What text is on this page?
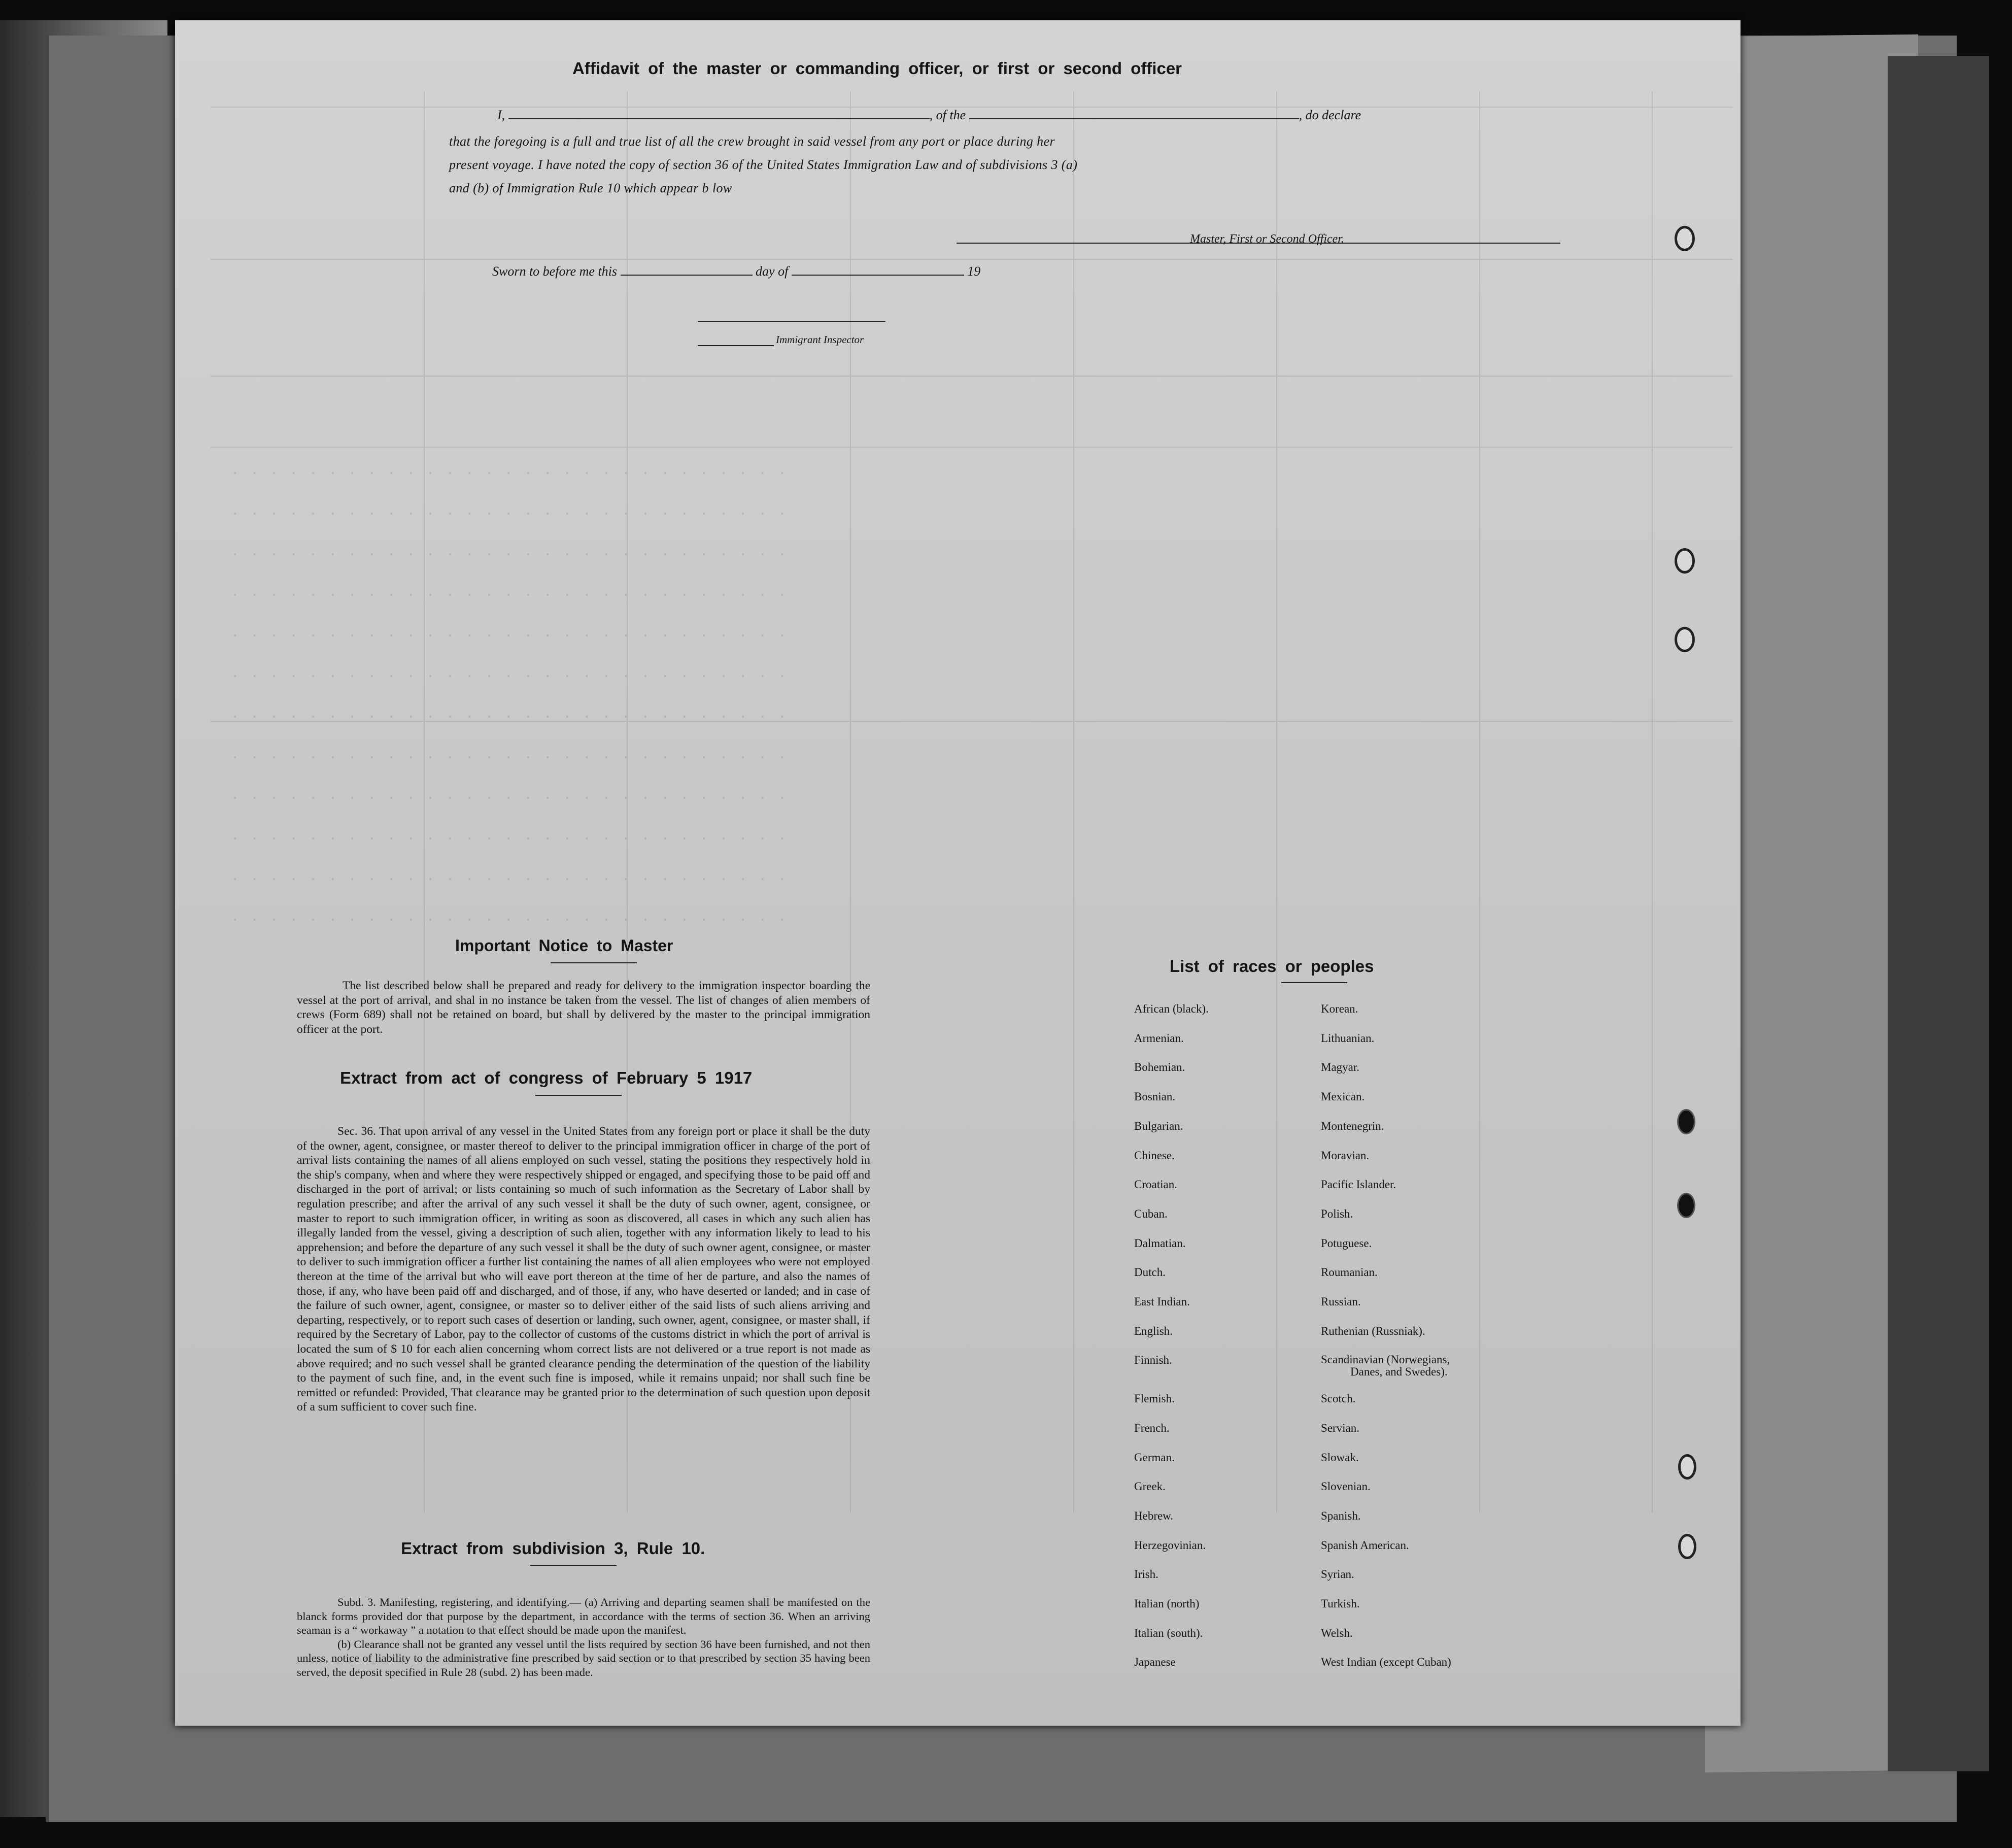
. . . . . . . . . . . . . . . . . . . . . . . . . . . . .
. . . . . . . . . . . . . . . . . . . . . . . . . . . . .
. . . . . . . . . . . . . . . . . . . . . . . . . . . . .
. . . . . . . . . . . . . . . . . . . . . . . . . . . . .
. . . . . . . . . . . . . . . . . . . . . . . . . . . . .
. . . . . . . . . . . . . . . . . . . . . . . . . . . . .
. . . . . . . . . . . . . . . . . . . . . . . . . . . . .
. . . . . . . . . . . . . . . . . . . . . . . . . . . . .
. . . . . . . . . . . . . . . . . . . . . . . . . . . . .
. . . . . . . . . . . . . . . . . . . . . . . . . . . . .
. . . . . . . . . . . . . . . . . . . . . . . . . . . . .
. . . . . . . . . . . . . . . . . . . . . . . . . . . . .
Affidavit of the master or commanding officer, or first or second officer
I,	, of the	, do declare
that the foregoing is a full and true list of all the crew brought in said vessel from any port or place during her
present voyage. I have noted the copy of section 36 of the United States Immigration Law and of subdivisions 3 (a)
and (b) of Immigration Rule 10 which appear b low
Master, First or Second Officer.
Sworn to before me this	day of	19
Immigrant Inspector
Important Notice to Master

The list described below shall be prepared and ready for delivery to the immigration inspector boarding the vessel at the port of arrival, and shal in no instance be taken from the vessel. The list of changes of alien members of crews (Form 689) shall not be retained on board, but shall by delivered by the master to the principal immigration officer at the port.

Extract from act of congress of February 5 1917

Sec. 36. That upon arrival of any vessel in the United States from any foreign port or place it shall be the duty of the owner, agent, consignee, or master thereof to deliver to the principal immigration officer in charge of the port of arrival lists containing the names of all aliens employed on such vessel, stating the positions they respectively hold in the ship's company, when and where they were respectively shipped or engaged, and specifying those to be paid off and discharged in the port of arrival; or lists containing so much of such information as the Secretary of Labor shall by regulation prescribe; and after the arrival of any such vessel it shall be the duty of such owner, agent, consignee, or master to report to such immigration officer, in writing as soon as discovered, all cases in which any such alien has illegally landed from the vessel, giving a description of such alien, together with any information likely to lead to his apprehension; and before the departure of any such vessel it shall be the duty of such owner agent, consignee, or master to deliver to such immigration officer a further list containing the names of all alien employees who were not employed thereon at the time of the arrival but who will eave port thereon at the time of her de parture, and also the names of those, if any, who have been paid off and discharged, and of those, if any, who have deserted or landed; and in case of the failure of such owner, agent, consignee, or master so to deliver either of the said lists of such aliens arriving and departing, respectively, or to report such cases of desertion or landing, such owner, agent, consignee, or master shall, if required by the Secretary of Labor, pay to the collector of customs of the customs district in which the port of arrival is located the sum of $ 10 for each alien concerning whom correct lists are not delivered or a true report is not made as above required; and no such vessel shall be granted clearance pending the determination of the question of the liability to the payment of such fine, and, in the event such fine is imposed, while it remains unpaid; nor shall such fine be remitted or refunded: Provided, That clearance may be granted prior to the determination of such question upon deposit of a sum sufficient to cover such fine.

Extract from subdivision 3, Rule 10.

Subd. 3. Manifesting, registering, and identifying.— (a) Arriving and departing seamen shall be manifested on the blanck forms provided dor that purpose by the department, in accordance with the terms of section 36. When an arriving seaman is a “ workaway ” a notation to that effect should be made upon the manifest.

(b) Clearance shall not be granted any vessel until the lists required by section 36 have been furnished, and not then unless, notice of liability to the administrative fine prescribed by said section or to that prescribed by section 35 having been served, the deposit specified in Rule 28 (subd. 2) has been made.

List of races or peoples
African (black).
Armenian.
Bohemian.
Bosnian.
Bulgarian.
Chinese.
Croatian.
Cuban.
Dalmatian.
Dutch.
East Indian.
English.
Finnish.
Flemish.
French.
German.
Greek.
Hebrew.
Herzegovinian.
Irish.
Italian (north)
Italian (south).
Japanese
Korean.
Lithuanian.
Magyar.
Mexican.
Montenegrin.
Moravian.
Pacific Islander.
Polish.
Potuguese.
Roumanian.
Russian.
Ruthenian (Russniak).
Scandinavian (Norwegians,
Danes, and Swedes).
Scotch.
Servian.
Slowak.
Slovenian.
Spanish.
Spanish American.
Syrian.
Turkish.
Welsh.
West Indian (except Cuban)
